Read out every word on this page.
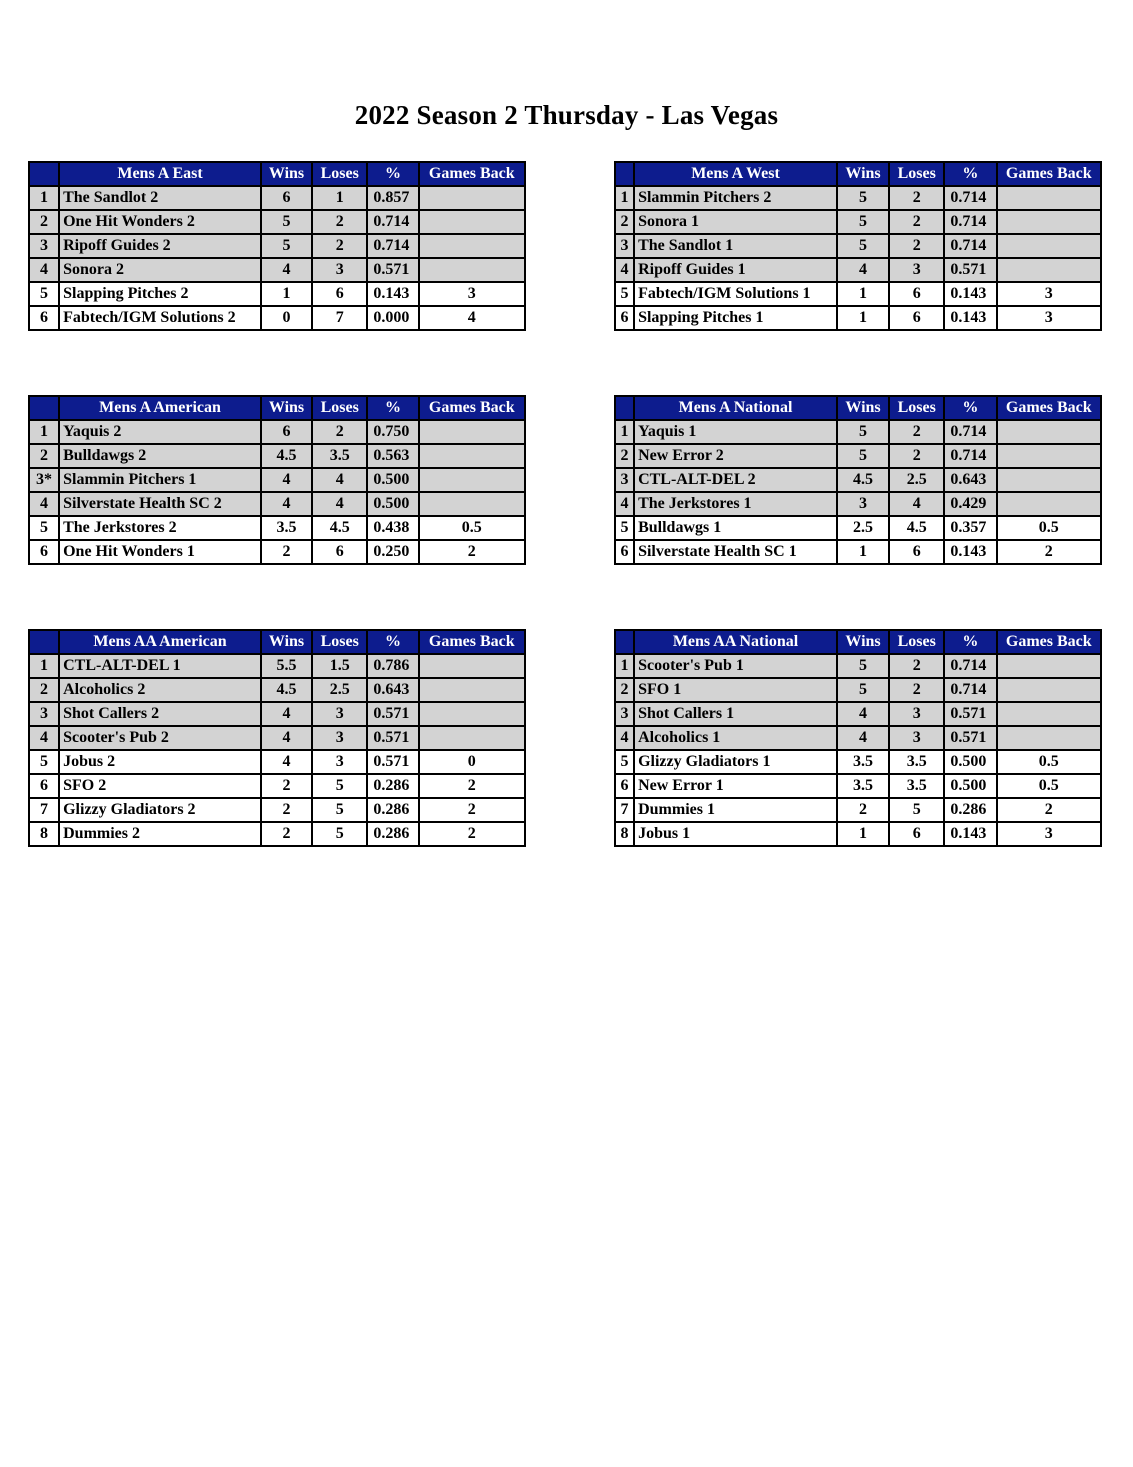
2022 Season 2 Thursday - Las Vegas
	Mens A East	Wins	Loses	%	Games Back
1	The Sandlot 2	6	1	0.857	
2	One Hit Wonders 2	5	2	0.714	
3	Ripoff Guides 2	5	2	0.714	
4	Sonora 2	4	3	0.571	
5	Slapping Pitches 2	1	6	0.143	3
6	Fabtech/IGM Solutions 2	0	7	0.000	4
	Mens A West	Wins	Loses	%	Games Back
1	Slammin Pitchers 2	5	2	0.714	
2	Sonora 1	5	2	0.714	
3	The Sandlot 1	5	2	0.714	
4	Ripoff Guides 1	4	3	0.571	
5	Fabtech/IGM Solutions 1	1	6	0.143	3
6	Slapping Pitches 1	1	6	0.143	3
	Mens A American	Wins	Loses	%	Games Back
1	Yaquis 2	6	2	0.750	
2	Bulldawgs 2	4.5	3.5	0.563	
3*	Slammin Pitchers 1	4	4	0.500	
4	Silverstate Health SC 2	4	4	0.500	
5	The Jerkstores 2	3.5	4.5	0.438	0.5
6	One Hit Wonders 1	2	6	0.250	2
	Mens A National	Wins	Loses	%	Games Back
1	Yaquis 1	5	2	0.714	
2	New Error 2	5	2	0.714	
3	CTL-ALT-DEL 2	4.5	2.5	0.643	
4	The Jerkstores 1	3	4	0.429	
5	Bulldawgs 1	2.5	4.5	0.357	0.5
6	Silverstate Health SC 1	1	6	0.143	2
	Mens AA American	Wins	Loses	%	Games Back
1	CTL-ALT-DEL 1	5.5	1.5	0.786	
2	Alcoholics 2	4.5	2.5	0.643	
3	Shot Callers 2	4	3	0.571	
4	Scooter's Pub 2	4	3	0.571	
5	Jobus 2	4	3	0.571	0
6	SFO 2	2	5	0.286	2
7	Glizzy Gladiators 2	2	5	0.286	2
8	Dummies 2	2	5	0.286	2
	Mens AA National	Wins	Loses	%	Games Back
1	Scooter's Pub 1	5	2	0.714	
2	SFO 1	5	2	0.714	
3	Shot Callers 1	4	3	0.571	
4	Alcoholics 1	4	3	0.571	
5	Glizzy Gladiators 1	3.5	3.5	0.500	0.5
6	New Error 1	3.5	3.5	0.500	0.5
7	Dummies 1	2	5	0.286	2
8	Jobus 1	1	6	0.143	3
